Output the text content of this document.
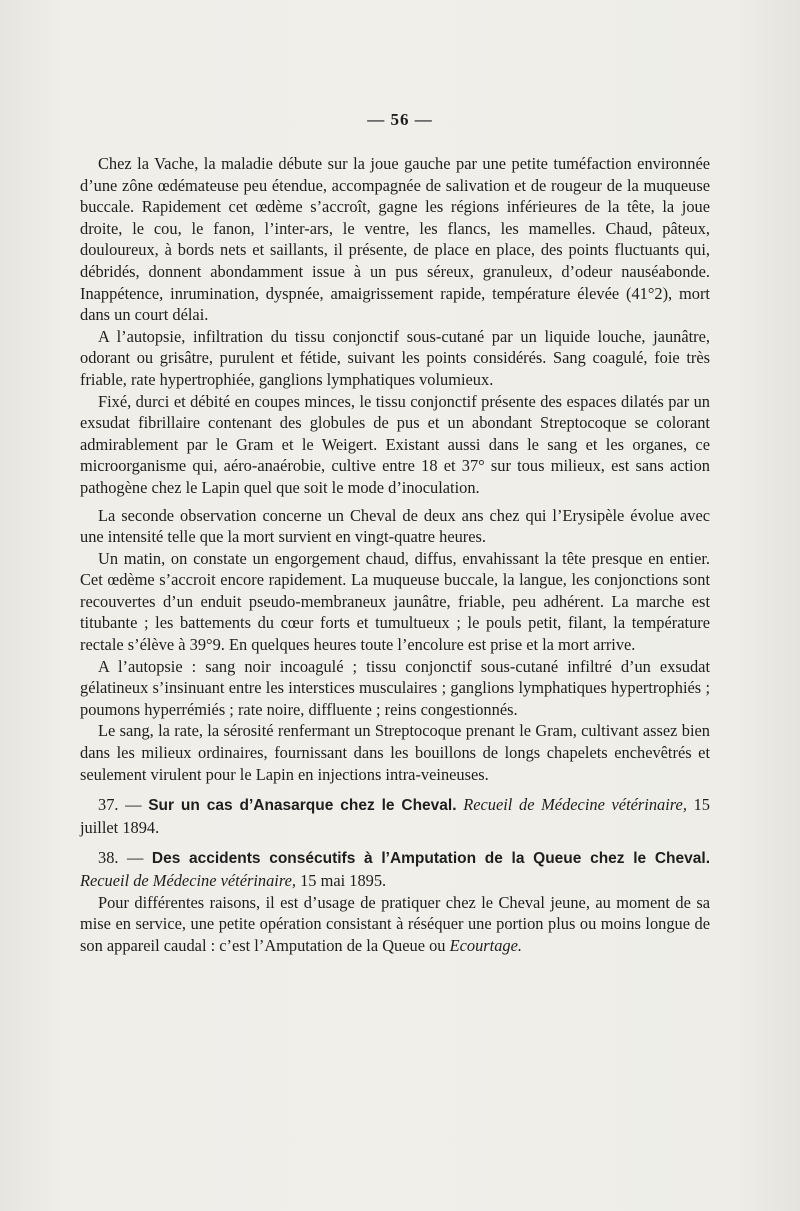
— 56 —

Chez la Vache, la maladie débute sur la joue gauche par une petite tuméfaction environnée d’une zône œdémateuse peu étendue, accompagnée de salivation et de rougeur de la muqueuse buccale. Rapidement cet œdème s’accroît, gagne les régions inférieures de la tête, la joue droite, le cou, le fanon, l’inter-ars, le ventre, les flancs, les mamelles. Chaud, pâteux, douloureux, à bords nets et saillants, il présente, de place en place, des points fluctuants qui, débridés, donnent abondamment issue à un pus séreux, granuleux, d’odeur nauséabonde. Inappétence, inrumination, dyspnée, amaigrissement rapide, température élevée (41°2), mort dans un court délai.

A l’autopsie, infiltration du tissu conjonctif sous-cutané par un liquide louche, jaunâtre, odorant ou grisâtre, purulent et fétide, suivant les points considérés. Sang coagulé, foie très friable, rate hypertrophiée, ganglions lymphatiques volumieux.

Fixé, durci et débité en coupes minces, le tissu conjonctif présente des espaces dilatés par un exsudat fibrillaire contenant des globules de pus et un abondant Streptocoque se colorant admirablement par le Gram et le Weigert. Existant aussi dans le sang et les organes, ce microorganisme qui, aéro-anaérobie, cultive entre 18 et 37° sur tous milieux, est sans action pathogène chez le Lapin quel que soit le mode d’inoculation.

La seconde observation concerne un Cheval de deux ans chez qui l’Erysipèle évolue avec une intensité telle que la mort survient en vingt-quatre heures.

Un matin, on constate un engorgement chaud, diffus, envahissant la tête presque en entier. Cet œdème s’accroit encore rapidement. La muqueuse buccale, la langue, les conjonctions sont recouvertes d’un enduit pseudo-membraneux jaunâtre, friable, peu adhérent. La marche est titubante ; les battements du cœur forts et tumultueux ; le pouls petit, filant, la température rectale s’élève à 39°9. En quelques heures toute l’encolure est prise et la mort arrive.

A l’autopsie : sang noir incoagulé ; tissu conjonctif sous-cutané infiltré d’un exsudat gélatineux s’insinuant entre les interstices musculaires ; ganglions lymphatiques hypertrophiés ; poumons hyperrémiés ; rate noire, diffluente ; reins congestionnés.

Le sang, la rate, la sérosité renfermant un Streptocoque prenant le Gram, cultivant assez bien dans les milieux ordinaires, fournissant dans les bouillons de longs chapelets enchevêtrés et seulement virulent pour le Lapin en injections intra-veineuses.

37. — Sur un cas d’Anasarque chez le Cheval. Recueil de Médecine vétérinaire, 15 juillet 1894.

38. — Des accidents consécutifs à l’Amputation de la Queue chez le Cheval. Recueil de Médecine vétérinaire, 15 mai 1895.

Pour différentes raisons, il est d’usage de pratiquer chez le Cheval jeune, au moment de sa mise en service, une petite opération consistant à réséquer une portion plus ou moins longue de son appareil caudal : c’est l’Amputation de la Queue ou Ecourtage.
